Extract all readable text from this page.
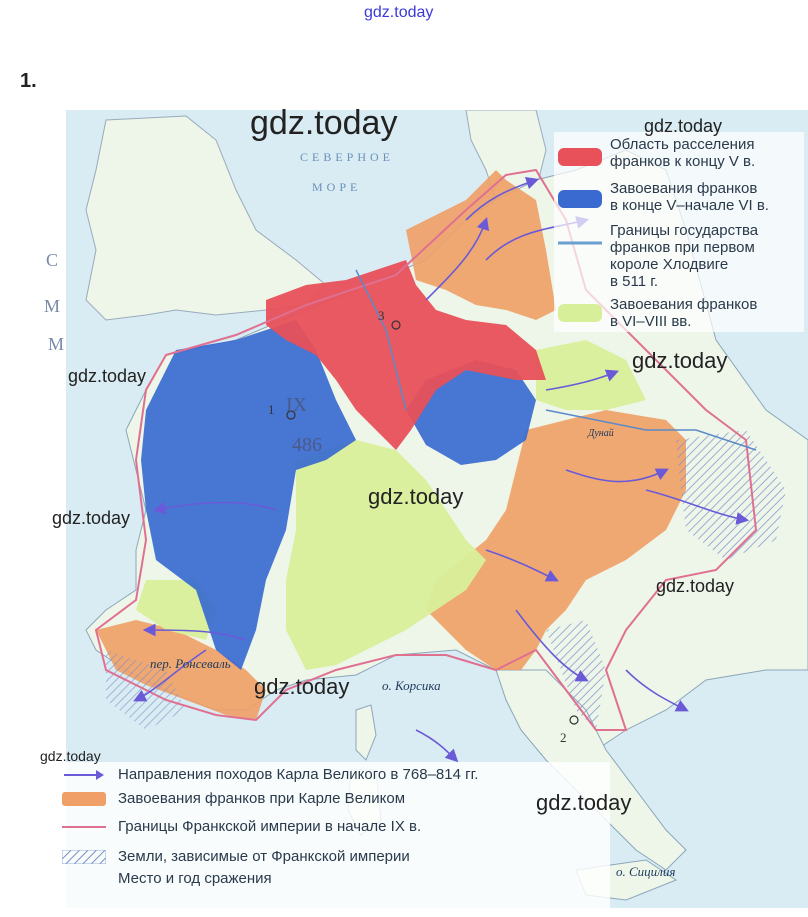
gdz.today
1.
C
M
M
СЕВЕРНОЕ
МОРЕ
пер. Ронсеваль
о. Корсика
о. Сицилия
Дунай
3
1
2
IX
486
Область расселения
франков к концу V в.
Завоевания франков
в конце V–начале VI в.
Границы государства
франков при первом
короле Хлодвиге
в 511 г.
Завоевания франков
в VI–VIII вв.
Направления походов Карла Великого в 768–814 гг.
Завоевания франков при Карле Великом
Границы Франкской империи в начале IX в.
Земли, зависимые от Франкской империи
Место и год сражения
gdz.today	gdz.today
gdz.today
gdz.today
gdz.today
gdz.today
gdz.today
gdz.today
gdz.today
gdz.today
